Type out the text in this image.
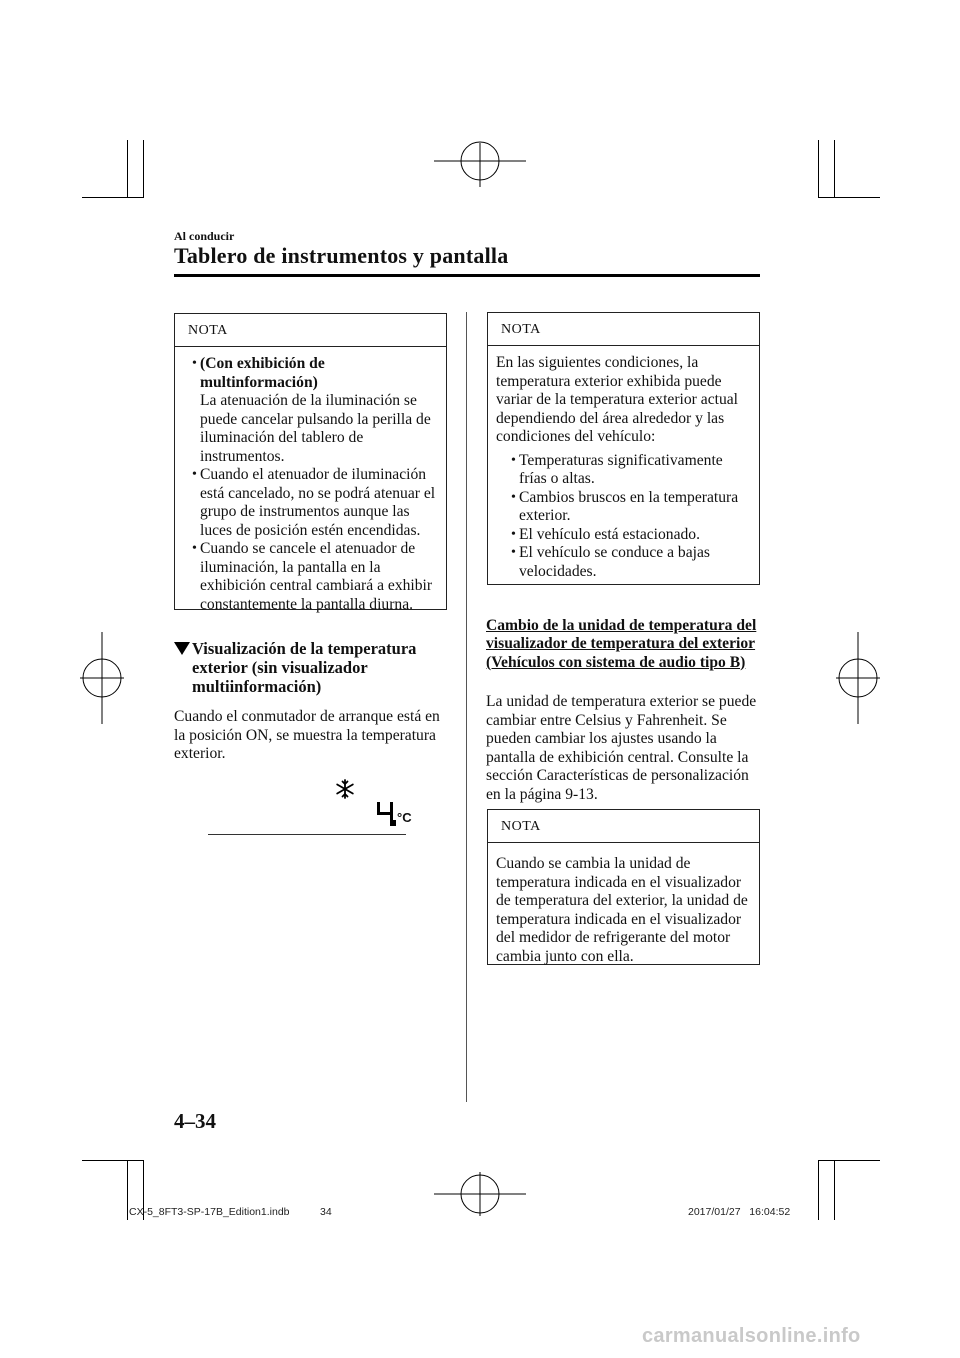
Al conducir
Tablero de instrumentos y pantalla
NOTA
• (Con exhibición de multinformación)
La atenuación de la iluminación se puede cancelar pulsando la perilla de iluminación del tablero de instrumentos.
• Cuando el atenuador de iluminación está cancelado, no se podrá atenuar el grupo de instrumentos aunque las luces de posición estén encendidas.
• Cuando se cancele el atenuador de iluminación, la pantalla en la exhibición central cambiará a exhibir constantemente la pantalla diurna.
Visualización de la temperatura exterior (sin visualizador multiinformación)
Cuando el conmutador de arranque está en la posición ON, se muestra la temperatura exterior.
°C
NOTA

En las siguientes condiciones, la temperatura exterior exhibida puede variar de la temperatura exterior actual dependiendo del área alrededor y las condiciones del vehículo:

• Temperaturas significativamente frías o altas.
• Cambios bruscos en la temperatura exterior.
• El vehículo está estacionado.
• El vehículo se conduce a bajas velocidades.
Cambio de la unidad de temperatura del visualizador de temperatura del exterior (Vehículos con sistema de audio tipo B)
La unidad de temperatura exterior se puede cambiar entre Celsius y Fahrenheit. Se pueden cambiar los ajustes usando la pantalla de exhibición central. Consulte la sección Características de personalización en la página 9-13.
NOTA

Cuando se cambia la unidad de temperatura indicada en el visualizador de temperatura del exterior, la unidad de temperatura indicada en el visualizador del medidor de refrigerante del motor cambia junto con ella.

4–34
CX-5_8FT3-SP-17B_Edition1.indb	34	2017/01/27   16:04:52
carmanualsonline.info
